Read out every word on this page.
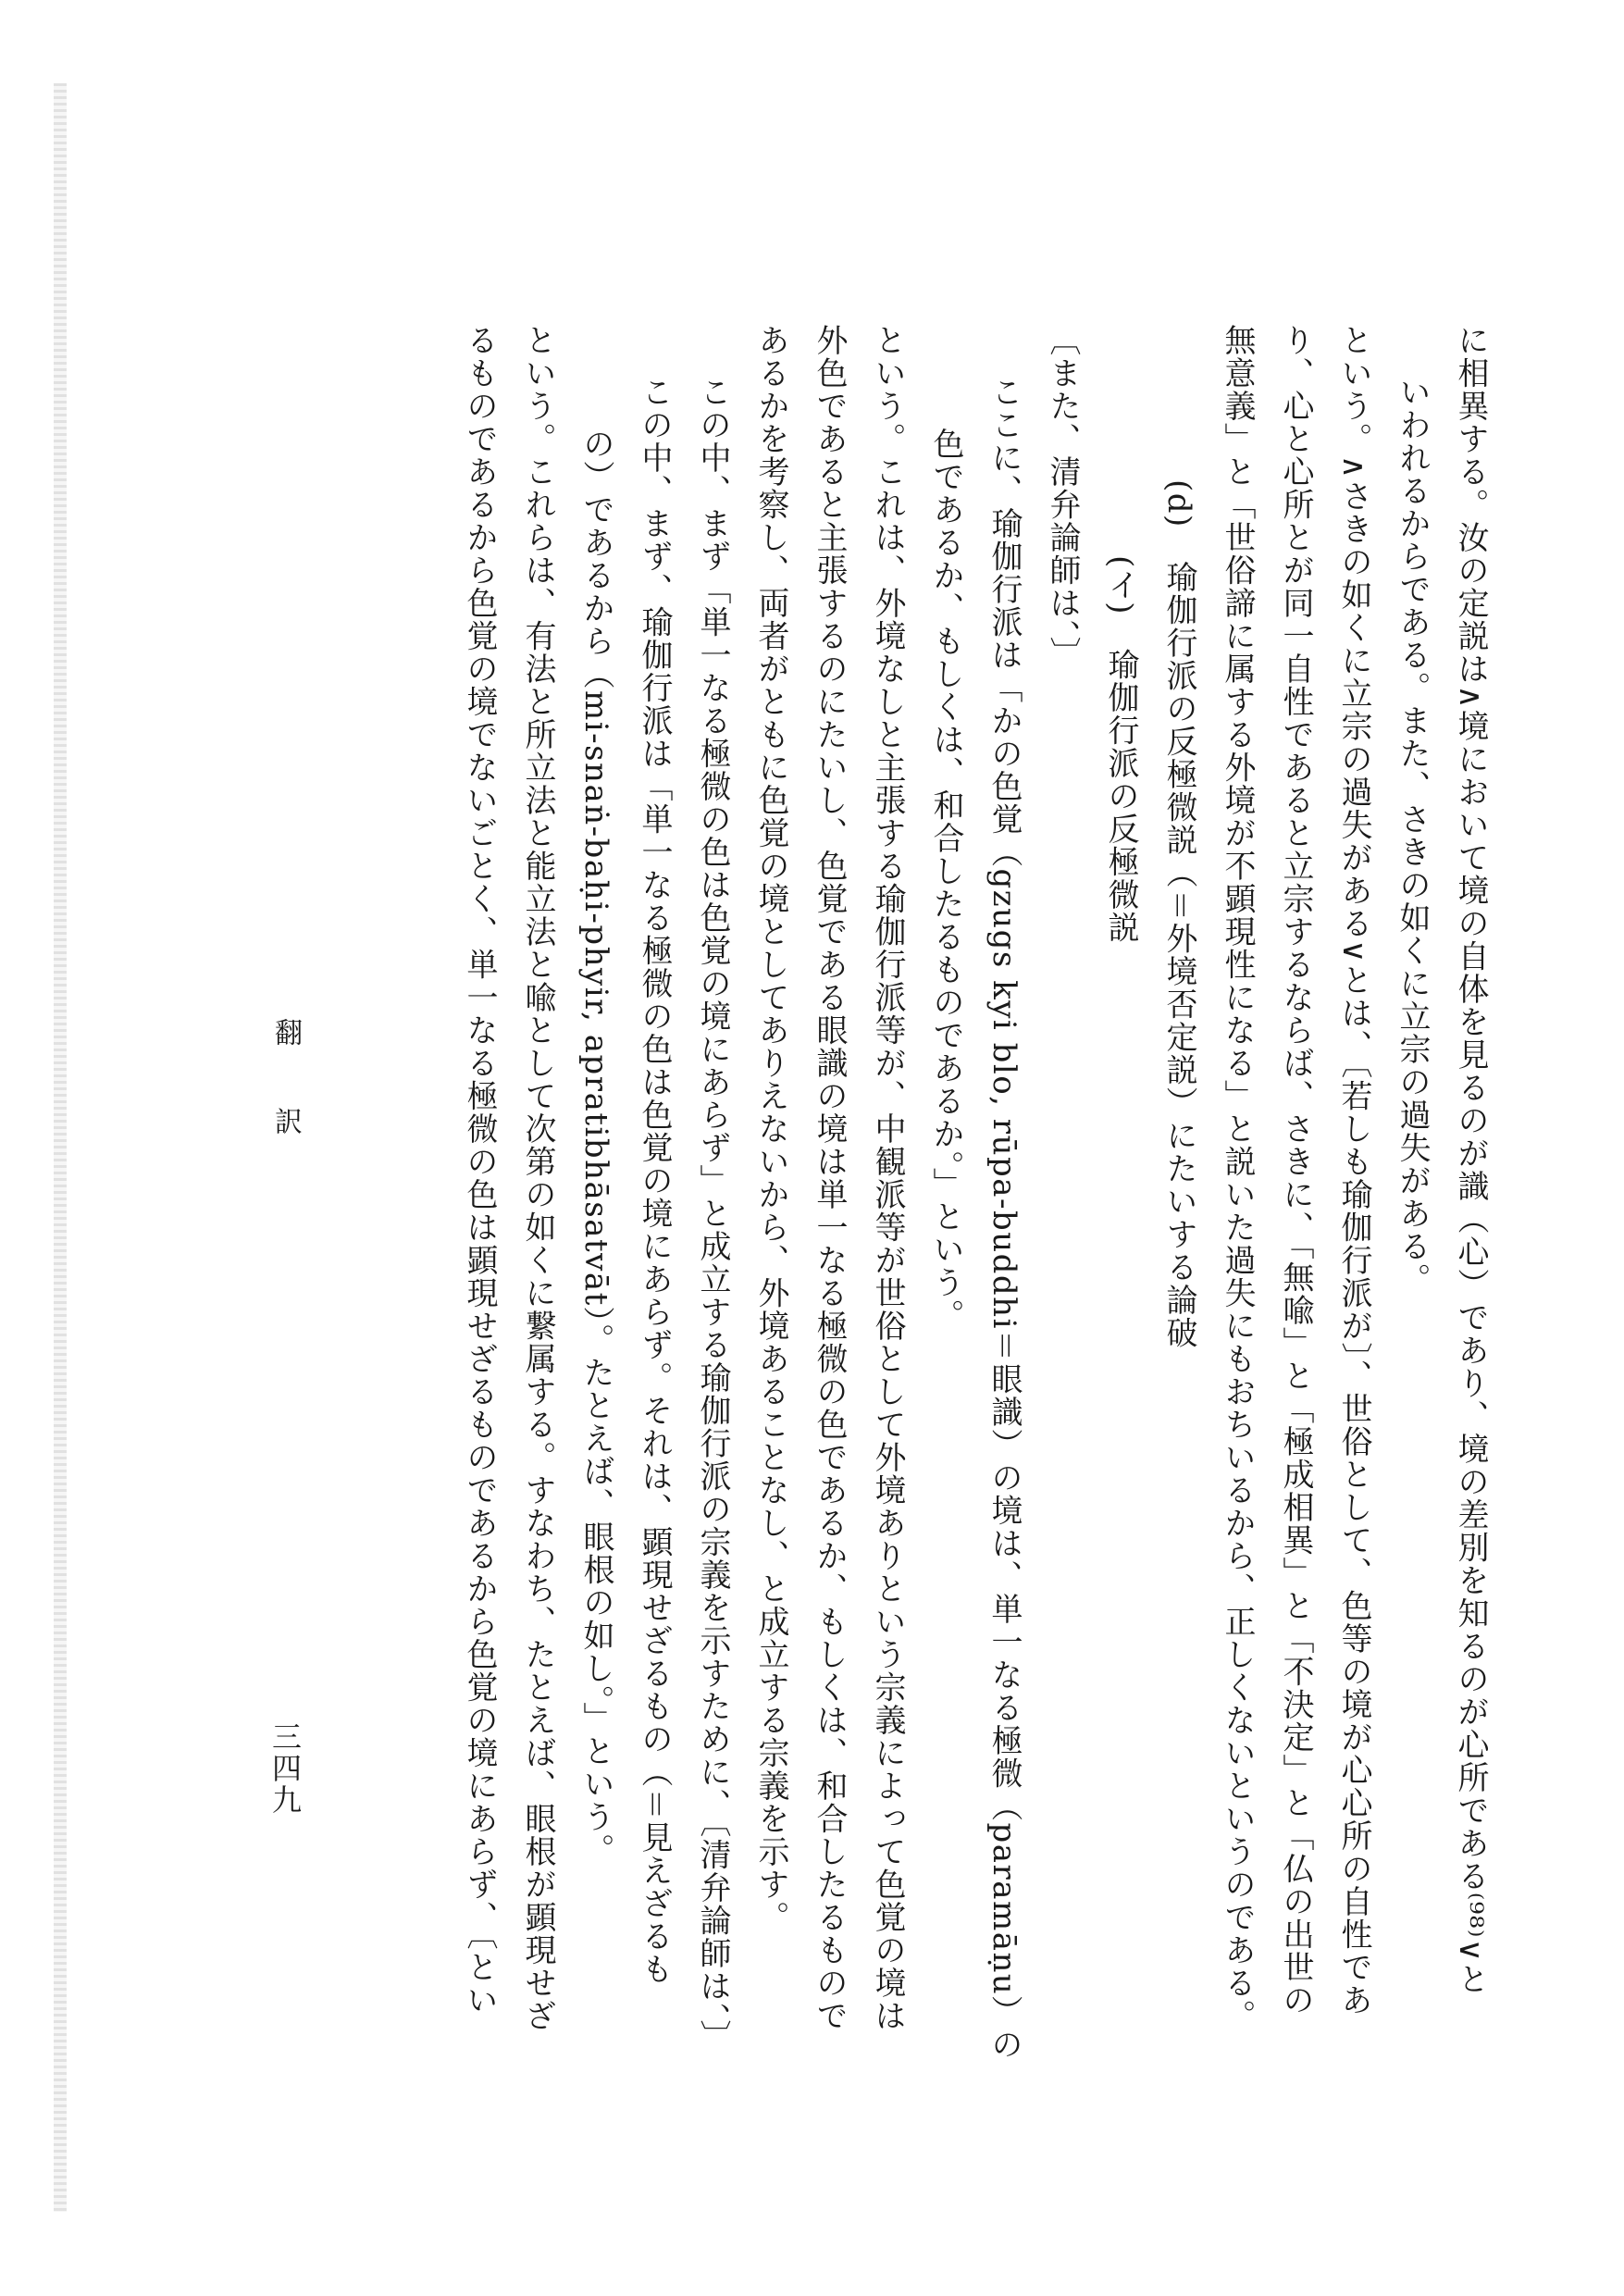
に相異する。汝の定説は∧境において境の自体を見るのが識（心）であり、境の差別を知るのが心所である⁽⁹⁸⁾∨と
いわれるからである。また、さきの如くに立宗の過失がある。
という。∧さきの如くに立宗の過失がある∨とは、〔若しも瑜伽行派が〕、世俗として、色等の境が心心所の自性であ
り、心と心所とが同一自性であると立宗するならば、さきに、「無喩」と「極成相異」と「不決定」と「仏の出世の
無意義」と「世俗諦に属する外境が不顕現性になる」と説いた過失にもおちいるから、正しくないというのである。
(d)　瑜伽行派の反極微説（＝外境否定説）にたいする論破
(イ)　瑜伽行派の反極微説
〔また、清弁論師は、〕
ここに、瑜伽行派は「かの色覚（gzugs kyi blo, rūpa-buddhi＝眼識）の境は、単一なる極微（paramāṇu）の
色であるか、もしくは、和合したるものであるか。」という。
という。これは、外境なしと主張する瑜伽行派等が、中観派等が世俗として外境ありという宗義によって色覚の境は
外色であると主張するのにたいし、色覚である眼識の境は単一なる極微の色であるか、もしくは、和合したるもので
あるかを考察し、両者がともに色覚の境としてありえないから、外境あることなし、と成立する宗義を示す。
この中、まず「単一なる極微の色は色覚の境にあらず」と成立する瑜伽行派の宗義を示すために、〔清弁論師は、〕
この中、まず、瑜伽行派は「単一なる極微の色は色覚の境にあらず。それは、顕現せざるもの（＝見えざるも
の）であるから（mi-snaṅ-baḥi-phyir, apratibhāsatvāt）。たとえば、眼根の如し。」という。
という。これらは、有法と所立法と能立法と喩として次第の如くに繋属する。すなわち、たとえば、眼根が顕現せざ
るものであるから色覚の境でないごとく、単一なる極微の色は顕現せざるものであるから色覚の境にあらず、〔とい
翻　訳
三四九
